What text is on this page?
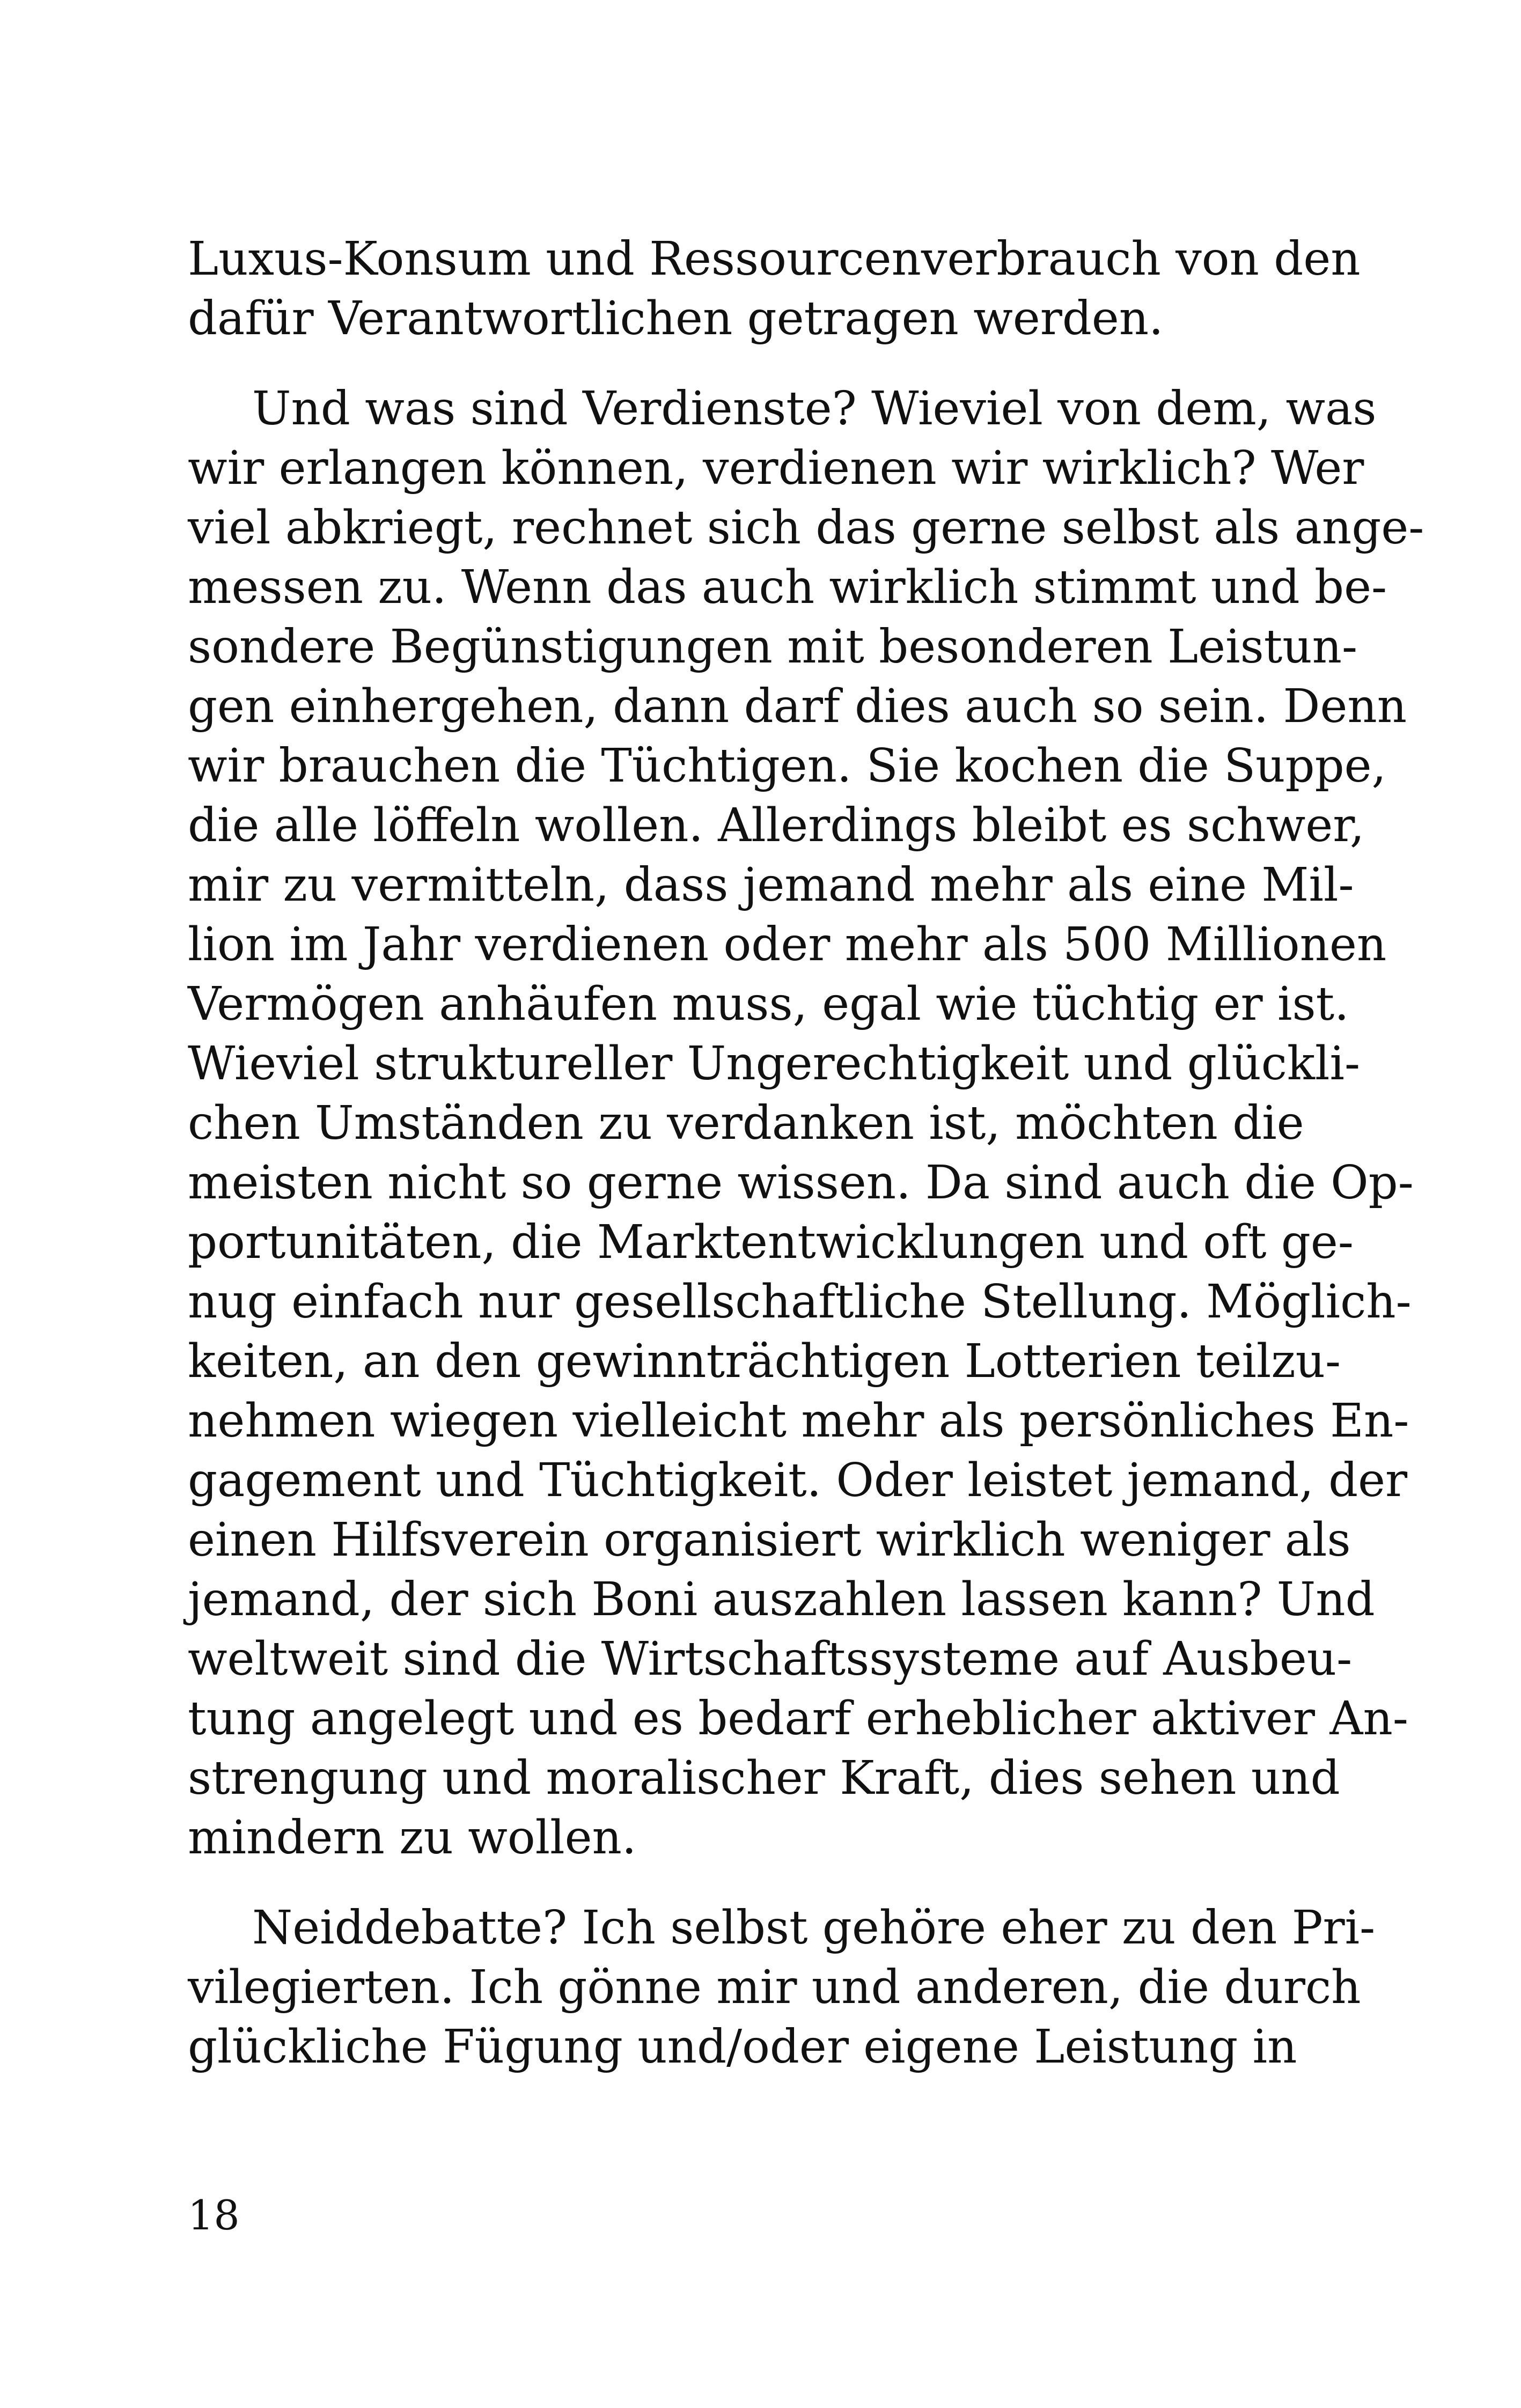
Luxus-Konsum und Ressourcenverbrauch von den
dafür Verantwortlichen getragen werden.
Und was sind Verdienste? Wieviel von dem, was
wir erlangen können, verdienen wir wirklich? Wer
viel abkriegt, rechnet sich das gerne selbst als ange-
messen zu. Wenn das auch wirklich stimmt und be-
sondere Begünstigungen mit besonderen Leistun-
gen einhergehen, dann darf dies auch so sein. Denn
wir brauchen die Tüchtigen. Sie kochen die Suppe,
die alle löffeln wollen. Allerdings bleibt es schwer,
mir zu vermitteln, dass jemand mehr als eine Mil-
lion im Jahr verdienen oder mehr als 500 Millionen
Vermögen anhäufen muss, egal wie tüchtig er ist.
Wieviel struktureller Ungerechtigkeit und glückli-
chen Umständen zu verdanken ist, möchten die
meisten nicht so gerne wissen. Da sind auch die Op-
portunitäten, die Marktentwicklungen und oft ge-
nug einfach nur gesellschaftliche Stellung. Möglich-
keiten, an den gewinnträchtigen Lotterien teilzu-
nehmen wiegen vielleicht mehr als persönliches En-
gagement und Tüchtigkeit. Oder leistet jemand, der
einen Hilfsverein organisiert wirklich weniger als
jemand, der sich Boni auszahlen lassen kann? Und
weltweit sind die Wirtschaftssysteme auf Ausbeu-
tung angelegt und es bedarf erheblicher aktiver An-
strengung und moralischer Kraft, dies sehen und
mindern zu wollen.
Neiddebatte? Ich selbst gehöre eher zu den Pri-
vilegierten. Ich gönne mir und anderen, die durch
glückliche Fügung und/oder eigene Leistung in
18
